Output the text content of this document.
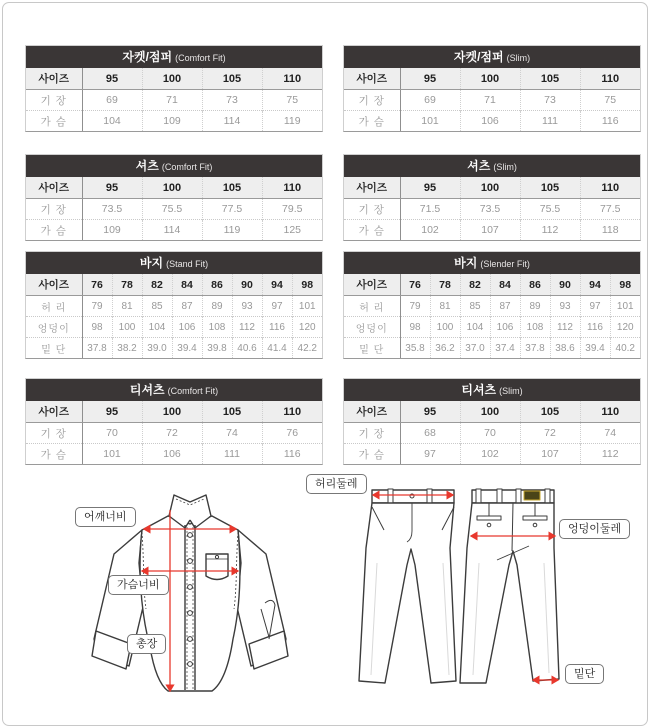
자켓/점퍼 (Comfort Fit)
사이즈	95	100	105	110
기 장	69	71	73	75
가 슴	104	109	114	119
자켓/점퍼 (Slim)
사이즈	95	100	105	110
기 장	69	71	73	75
가 슴	101	106	111	116
셔츠 (Comfort Fit)
사이즈	95	100	105	110
기 장	73.5	75.5	77.5	79.5
가 슴	109	114	119	125
셔츠 (Slim)
사이즈	95	100	105	110
기 장	71.5	73.5	75.5	77.5
가 슴	102	107	112	118
바지 (Stand Fit)
사이즈	76	78	82	84	86	90	94	98
허 리	79	81	85	87	89	93	97	101
엉덩이	98	100	104	106	108	112	116	120
밑 단	37.8	38.2	39.0	39.4	39.8	40.6	41.4	42.2
바지 (Slender Fit)
사이즈	76	78	82	84	86	90	94	98
허 리	79	81	85	87	89	93	97	101
엉덩이	98	100	104	106	108	112	116	120
밑 단	35.8	36.2	37.0	37.4	37.8	38.6	39.4	40.2
티셔츠 (Comfort Fit)
사이즈	95	100	105	110
기 장	70	72	74	76
가 슴	101	106	111	116
티셔츠 (Slim)
사이즈	95	100	105	110
기 장	68	70	72	74
가 슴	97	102	107	112
어깨너비
가슴너비
총장
허리둘레
엉덩이둘레
밑단
